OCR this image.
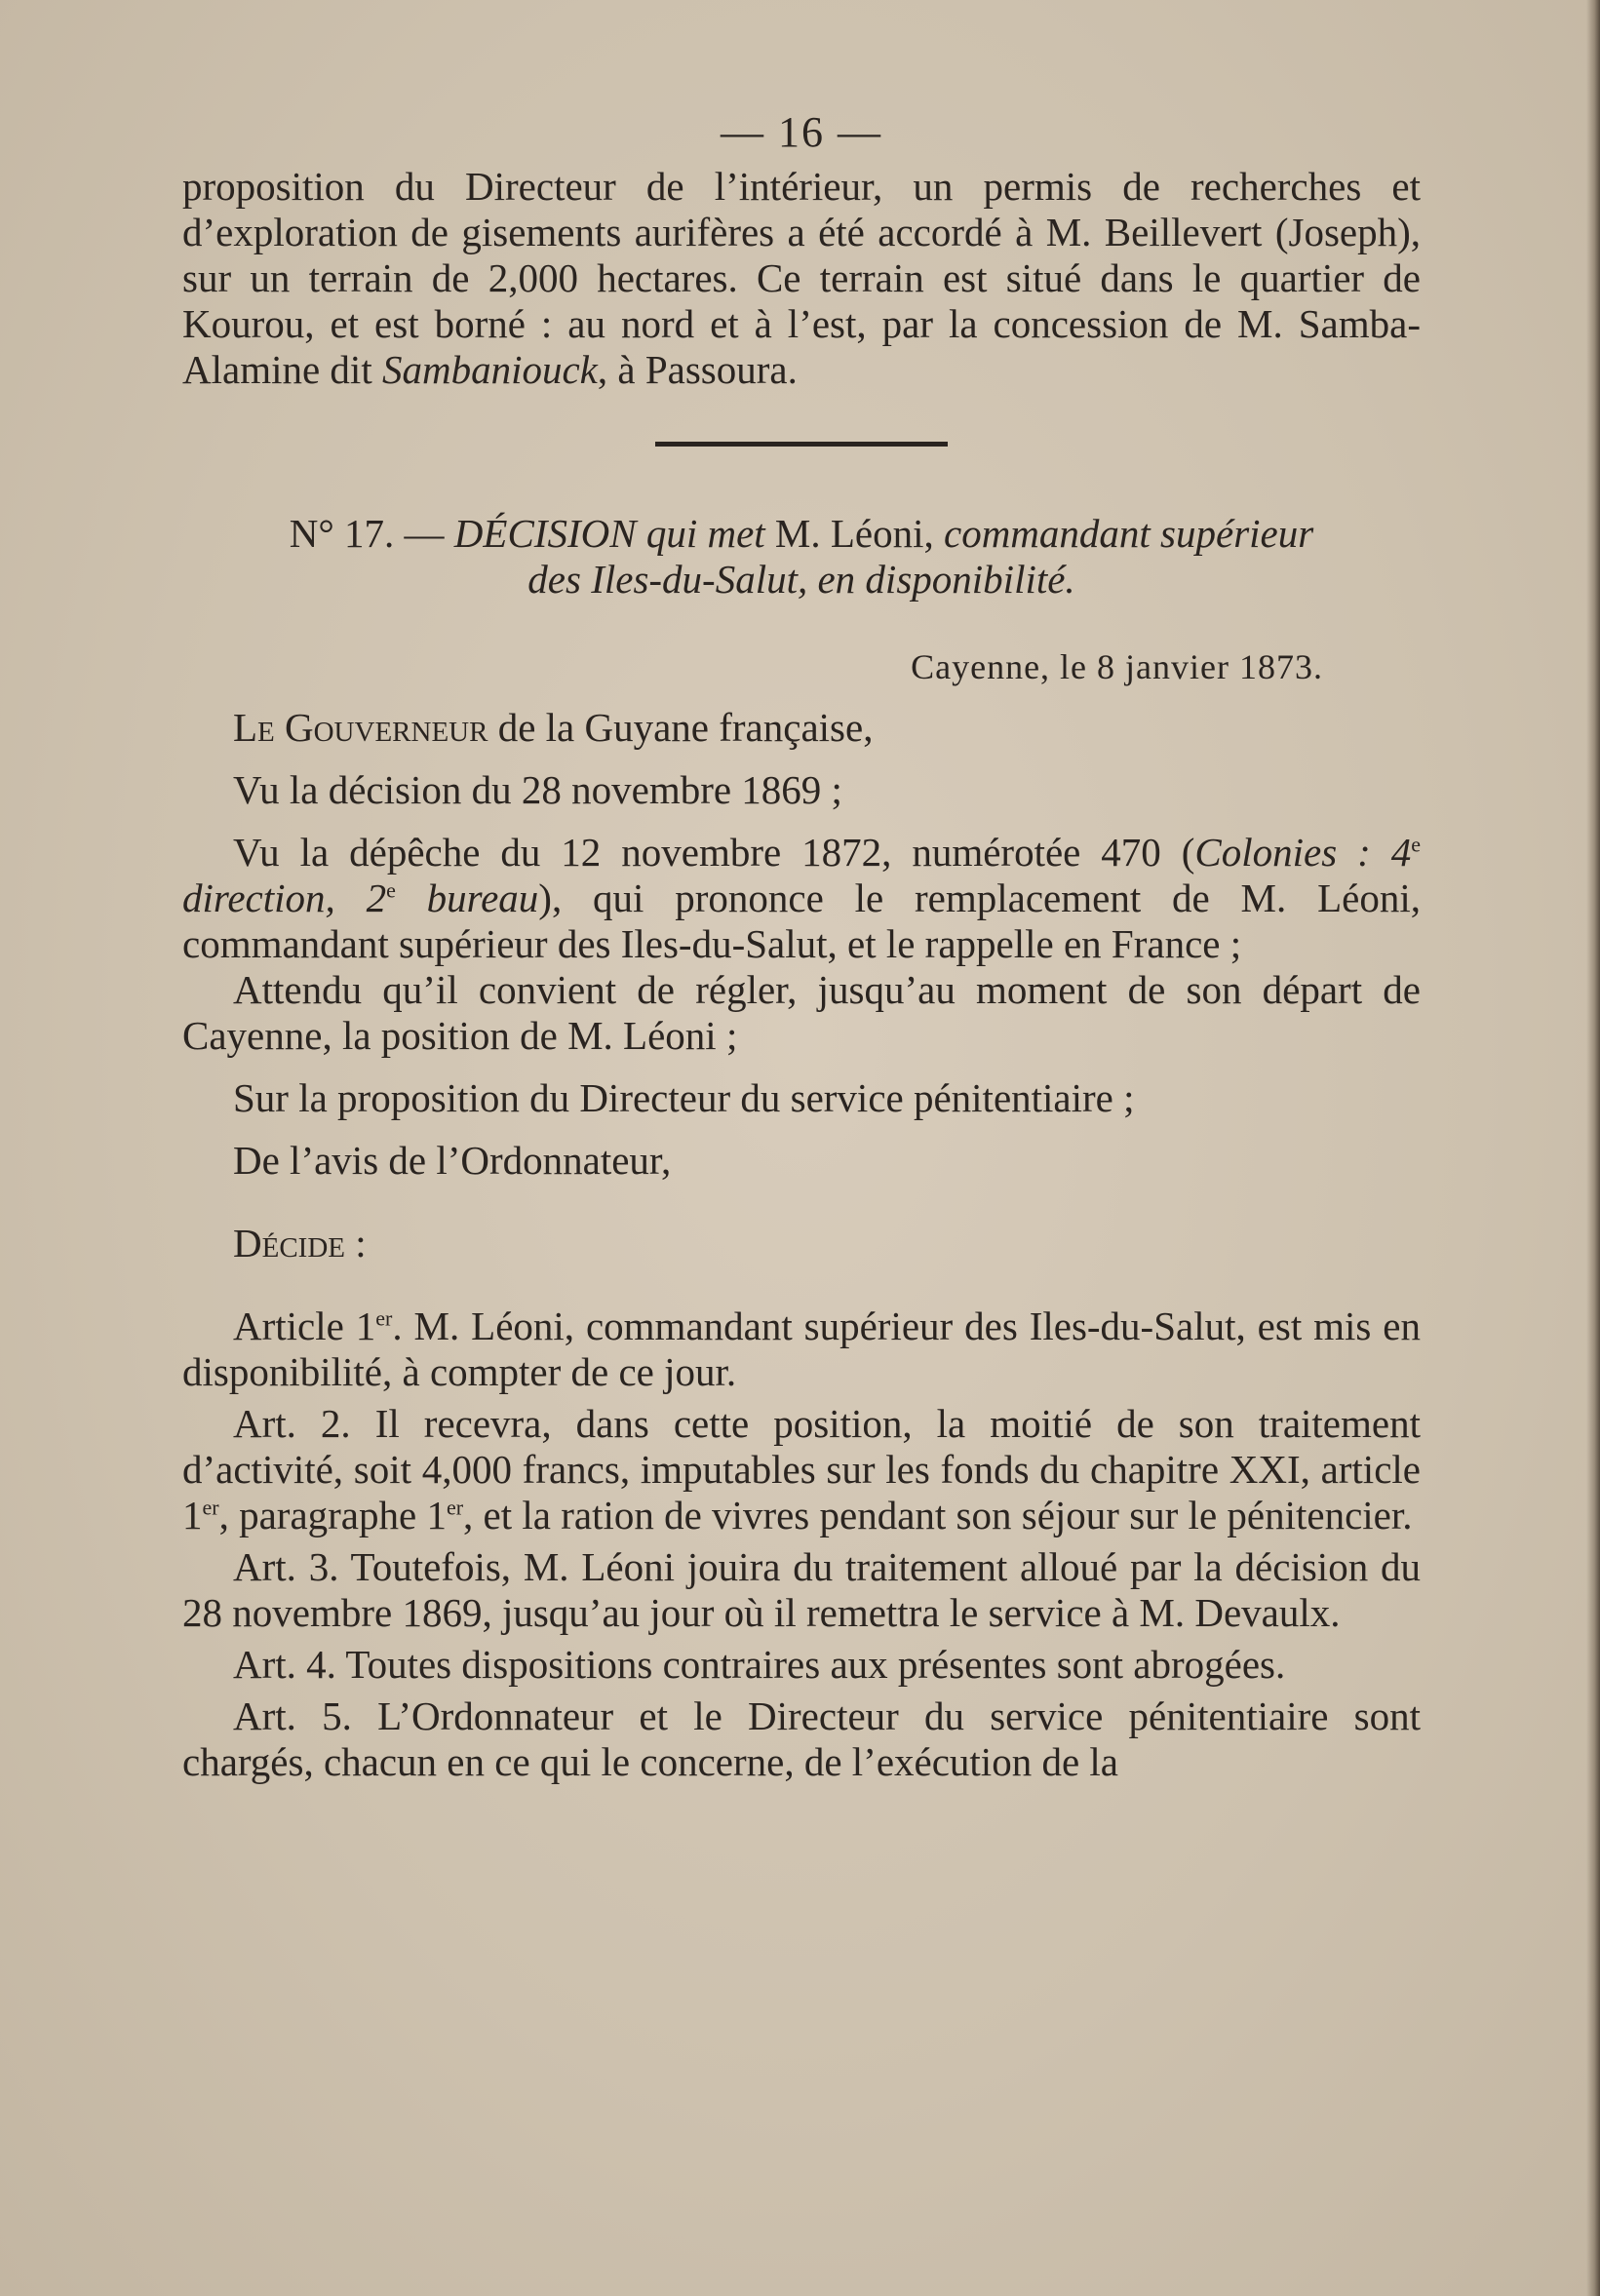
— 16 —

proposition du Directeur de l’intérieur, un permis de recherches et d’exploration de gisements aurifères a été accordé à M. Beillevert (Joseph), sur un terrain de 2,000 hectares. Ce terrain est situé dans le quartier de Kourou, et est borné : au nord et à l’est, par la concession de M. Samba-Alamine dit Sambaniouck, à Passoura.

N° 17. — DÉCISION qui met M. Léoni, commandant supérieur
des Iles-du-Salut, en disponibilité.
Cayenne, le 8 janvier 1873.

Le Gouverneur de la Guyane française,

Vu la décision du 28 novembre 1869 ;

Vu la dépêche du 12 novembre 1872, numérotée 470 (Colonies : 4e direction, 2e bureau), qui prononce le remplacement de M. Léoni, commandant supérieur des Iles-du-Salut, et le rappelle en France ;

Attendu qu’il convient de régler, jusqu’au moment de son départ de Cayenne, la position de M. Léoni ;

Sur la proposition du Directeur du service pénitentiaire ;

De l’avis de l’Ordonnateur,

Décide :

Article 1er. M. Léoni, commandant supérieur des Iles-du-Salut, est mis en disponibilité, à compter de ce jour.

Art. 2. Il recevra, dans cette position, la moitié de son traitement d’activité, soit 4,000 francs, imputables sur les fonds du chapitre XXI, article 1er, paragraphe 1er, et la ration de vivres pendant son séjour sur le pénitencier.

Art. 3. Toutefois, M. Léoni jouira du traitement alloué par la décision du 28 novembre 1869, jusqu’au jour où il remettra le service à M. Devaulx.

Art. 4. Toutes dispositions contraires aux présentes sont abrogées.

Art. 5. L’Ordonnateur et le Directeur du service pénitentiaire sont chargés, chacun en ce qui le concerne, de l’exécution de la
